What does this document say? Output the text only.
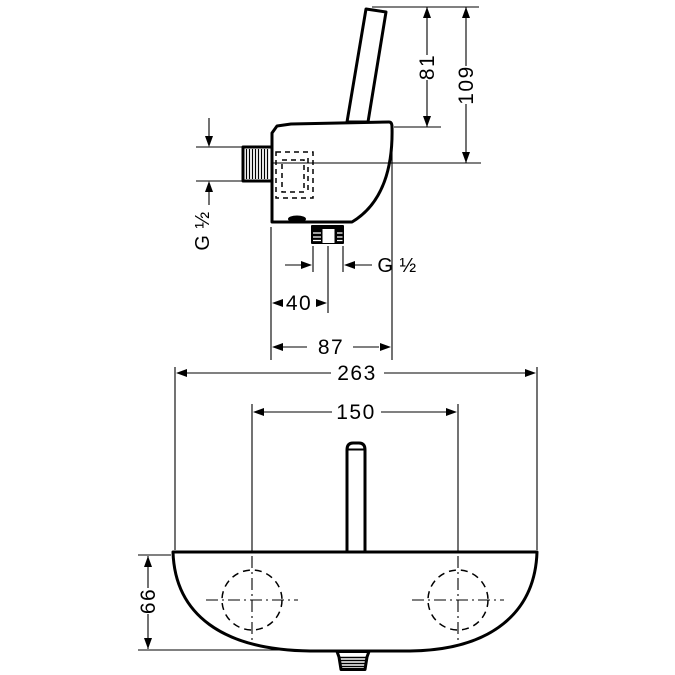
81 109
G ½
G ½
40
87
263
150
66
